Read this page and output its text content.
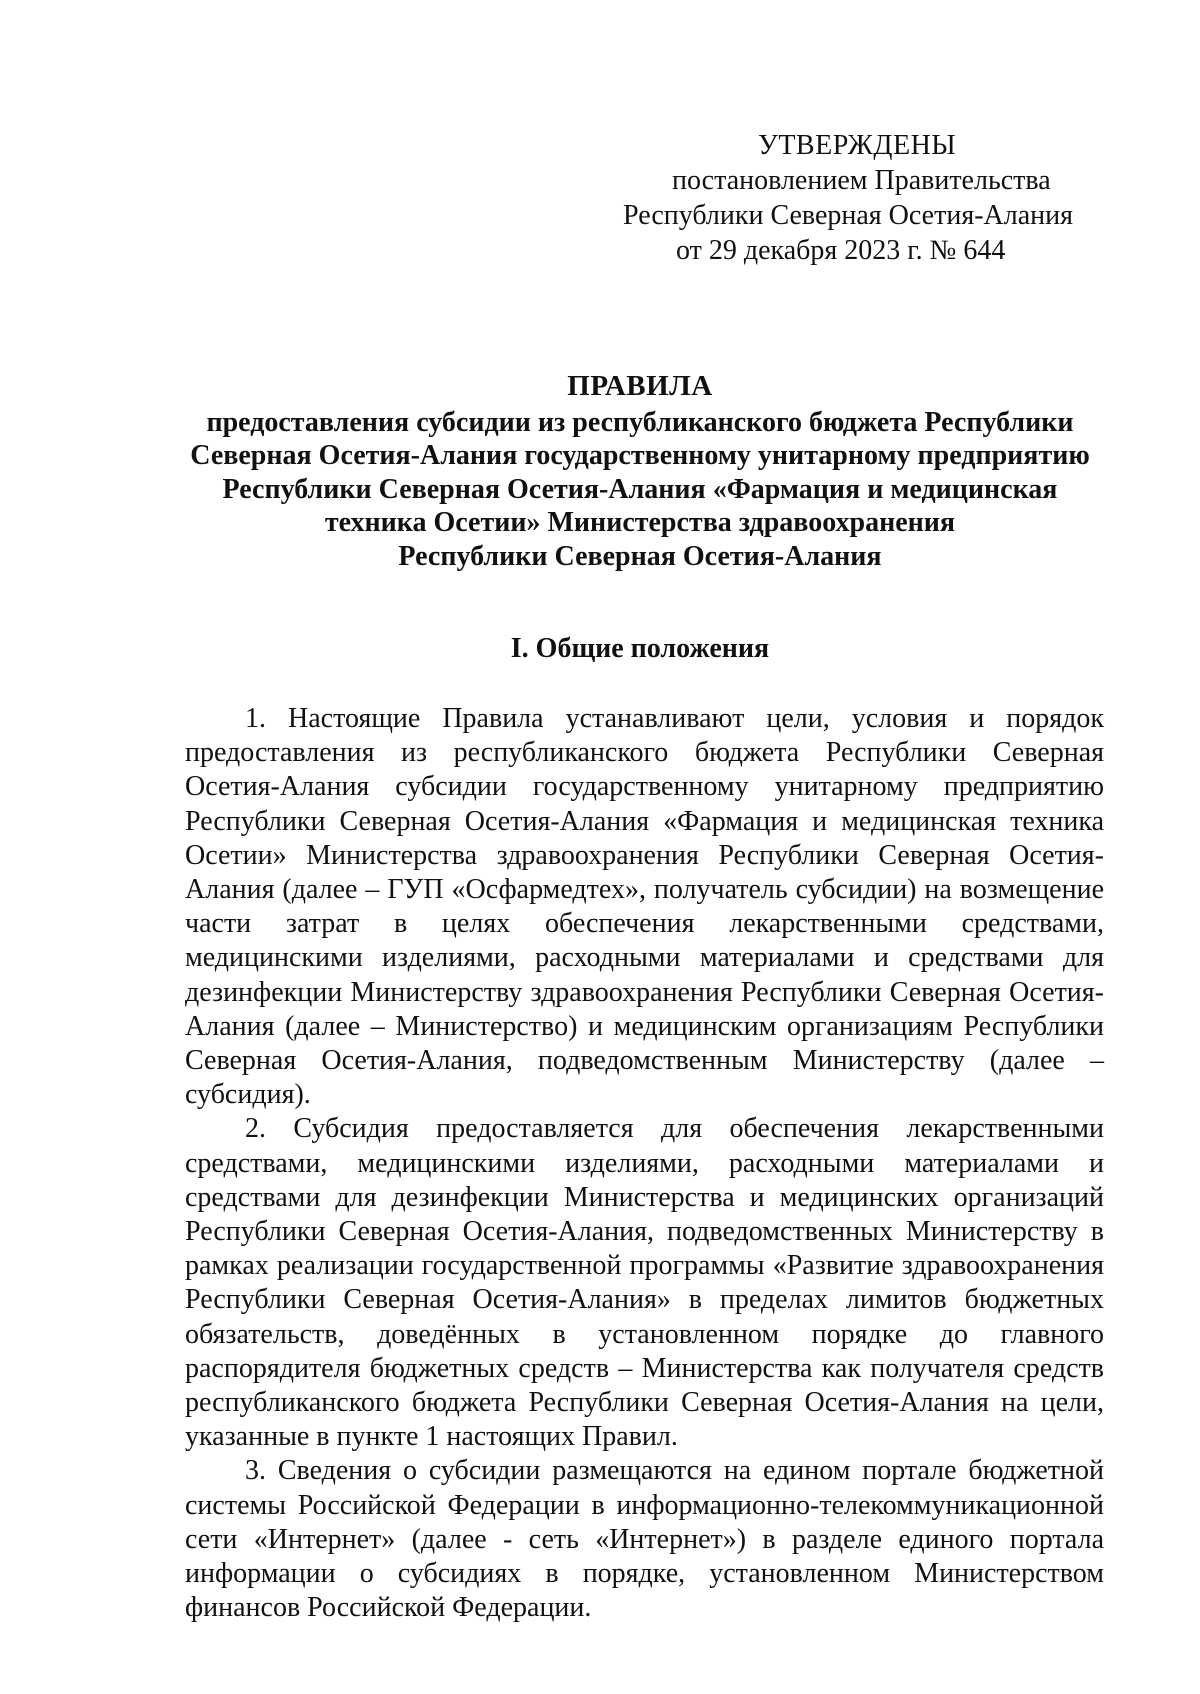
УТВЕРЖДЕНЫ
постановлением Правительства
Республики Северная Осетия-Алания
от 29 декабря 2023 г. № 644
ПРАВИЛА
предоставления субсидии из республиканского бюджета Республики
Северная Осетия-Алания государственному унитарному предприятию
Республики Северная Осетия-Алания «Фармация и медицинская
техника Осетии» Министерства здравоохранения
Республики Северная Осетия-Алания
I. Общие положения

1. Настоящие Правила устанавливают цели, условия и порядок предоставления из республиканского бюджета Республики Северная Осетия-Алания субсидии государственному унитарному предприятию Республики Северная Осетия-Алания «Фармация и медицинская техника Осетии» Министерства здравоохранения Республики Северная Осетия-Алания (далее – ГУП «Осфармедтех», получатель субсидии) на возмещение части затрат в целях обеспечения лекарственными средствами, медицинскими изделиями, расходными материалами и средствами для дезинфекции Министерству здравоохранения Республики Северная Осетия-Алания (далее – Министерство) и медицинским организациям Республики Северная Осетия-Алания, подведомственным Министерству (далее – субсидия).

2. Субсидия предоставляется для обеспечения лекарственными средствами, медицинскими изделиями, расходными материалами и средствами для дезинфекции Министерства и медицинских организаций Республики Северная Осетия-Алания, подведомственных Министерству в рамках реализации государственной программы «Развитие здравоохранения Республики Северная Осетия-Алания» в пределах лимитов бюджетных обязательств, доведённых в установленном порядке до главного распорядителя бюджетных средств – Министерства как получателя средств республиканского бюджета Республики Северная Осетия-Алания на цели, указанные в пункте 1 настоящих Правил.

3. Сведения о субсидии размещаются на едином портале бюджетной системы Российской Федерации в информационно-телекоммуникационной сети «Интернет» (далее - сеть «Интернет») в разделе единого портала информации о субсидиях в порядке, установленном Министерством финансов Российской Федерации.
